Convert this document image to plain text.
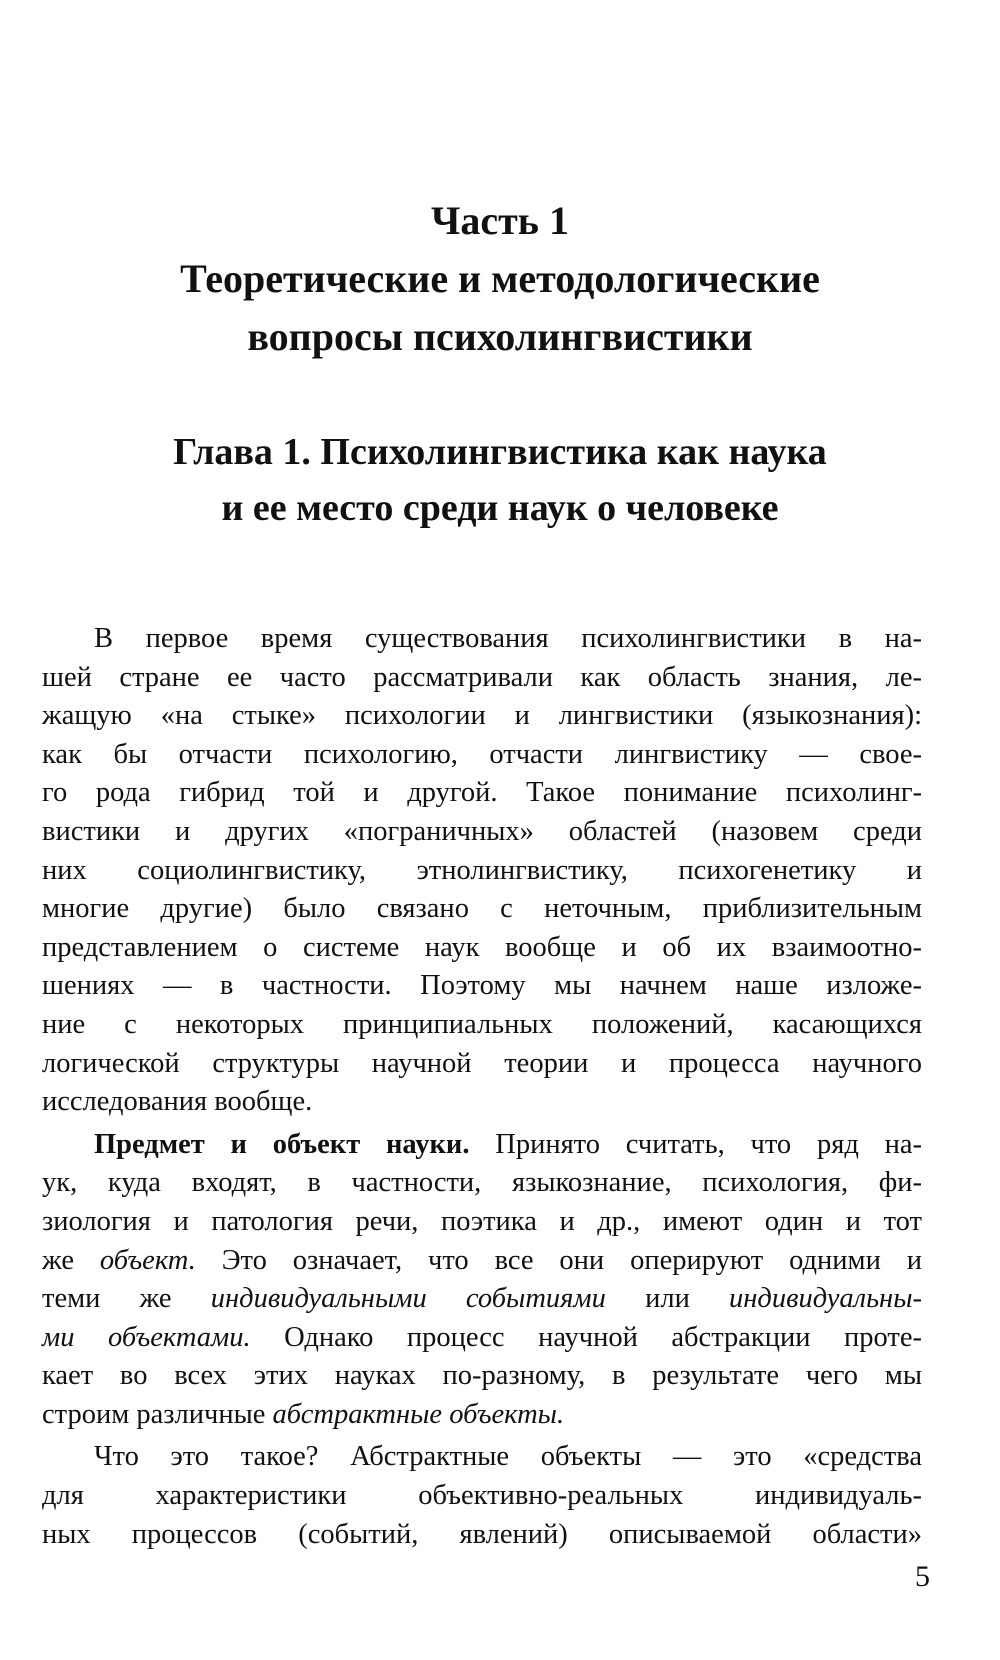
Часть 1
Теоретические и методологические
вопросы психолингвистики
Глава 1. Психолингвистика как наука
и ее место среди наук о человеке

В первое время существования психолингвистики в на-
шей стране ее часто рассматривали как область знания, ле-
жащую «на стыке» психологии и лингвистики (языкознания):
как бы отчасти психологию, отчасти лингвистику — свое-
го рода гибрид той и другой. Такое понимание психолинг-
вистики и других «пограничных» областей (назовем среди
них социолингвистику, этнолингвистику, психогенетику и
многие другие) было связано с неточным, приблизительным
представлением о системе наук вообще и об их взаимоотно-
шениях — в частности. Поэтому мы начнем наше изложе-
ние с некоторых принципиальных положений, касающихся
логической структуры научной теории и процесса научного
исследования вообще.

Предмет и объект науки. Принято считать, что ряд на-
ук, куда входят, в частности, языкознание, психология, фи-
зиология и патология речи, поэтика и др., имеют один и тот
же объект. Это означает, что все они оперируют одними и
теми же индивидуальными событиями или индивидуальны-
ми объектами. Однако процесс научной абстракции проте-
кает во всех этих науках по-разному, в результате чего мы
строим различные абстрактные объекты.

Что это такое? Абстрактные объекты — это «средства
для характеристики объективно-реальных индивидуаль-
ных процессов (событий, явлений) описываемой области»

5
